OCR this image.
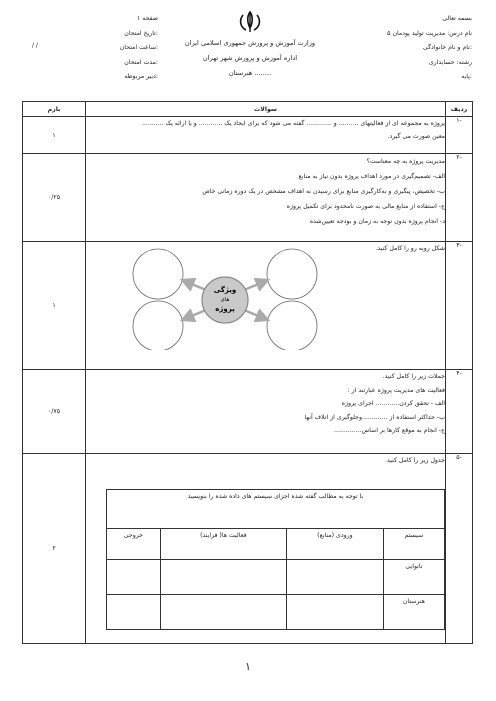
بسمه تعالی
نام درس: مدیریت تولید پودمان ۵
نام و نام خانوادگی:
رشته: حسابداری
پایه:
وزارت آموزش و پرورش جمهوری اسلامی ایران
اداره آموزش و پرورش شهر تهران
هنرستان ........
صفحه ۱
تاریخ امتحان:
ساعت امتحان:
مدت امتحان:
دبیر مربوطه:
/ /
ردیف	سوالات	بارم
-۱	
پروژه به مجموعه ای از فعالیتهای .......... و ............. گفته می شود که برای ایجاد یک ............ و یا ارائه یک ...........
معین صورت می گیرد.
	۱
-۲	
مدیریت پروژه به چه معناست؟
الف- تصمیم‌گیری در مورد اهداف پروژه بدون نیاز به منابع
ب- تخصیص، پیگیری و به‌کارگیری منابع برای رسیدن به اهداف مشخص در یک دوره زمانی خاص
ج- استفاده از منابع مالی به صورت نامحدود برای تکمیل پروژه
د- انجام پروژه بدون توجه به زمان و بودجه تعیین‌شده
	۰/۲۵
-۳	
شکل روبه رو را کامل کنید.
ویژگی
های
پروژه
	۱
-۴	
جملات زیر را کامل کنید.
فعالیت های مدیریت پروژه عبارتند از :
الف - تحقق کردن............ اجرای پروژه
ب- حداکثر استفاده از .............وجلوگیری از اتلاف آنها
ج- انجام به موقع کارها بر اساس..............
	۰/۷۵
-۵	
جدول زیر را کامل کنید.
با توجه به مطالب گفته شده اجزای سیستم های داده شده را بنویسید
سیستم	ورودی (منابع)	فعالیت ها( فرایند)	خروجی
نانوایی			
هنرستان			
	۲
۱
